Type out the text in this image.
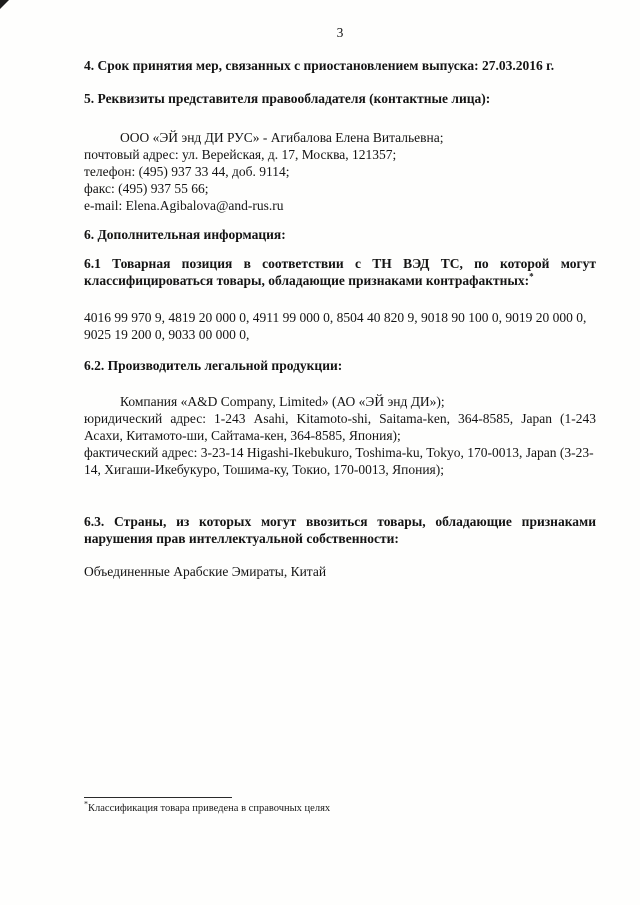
3

4. Срок принятия мер, связанных с приостановлением выпуска: 27.03.2016 г.

5. Реквизиты представителя правообладателя (контактные лица):

ООО «ЭЙ энд ДИ РУС» - Агибалова Елена Витальевна;
почтовый адрес: ул. Верейская, д. 17, Москва, 121357;
телефон: (495) 937 33 44, доб. 9114;
факс: (495) 937 55 66;
e-mail: Elena.Agibalova@and-rus.ru

6. Дополнительная информация:

6.1 Товарная позиция в соответствии с ТН ВЭД ТС, по которой могут классифицироваться товары, обладающие признаками контрафактных:*

4016 99 970 9, 4819 20 000 0, 4911 99 000 0, 8504 40 820 9, 9018 90 100 0, 9019 20 000 0, 9025 19 200 0, 9033 00 000 0,

6.2. Производитель легальной продукции:

Компания «A&D Company, Limited» (АО «ЭЙ энд ДИ»);
юридический адрес: 1-243 Asahi, Kitamoto-shi, Saitama-ken, 364-8585, Japan (1-243 Асахи, Китамото-ши, Сайтама-кен, 364-8585, Япония);
фактический адрес: 3-23-14 Higashi-Ikebukuro, Toshima-ku, Tokyo, 170-0013, Japan (3-23-14, Хигаши-Икебукуро, Тошима-ку, Токио, 170-0013, Япония);

6.3. Страны, из которых могут ввозиться товары, обладающие признаками нарушения прав интеллектуальной собственности:

Объединенные Арабские Эмираты, Китай

*Классификация товара приведена в справочных целях
